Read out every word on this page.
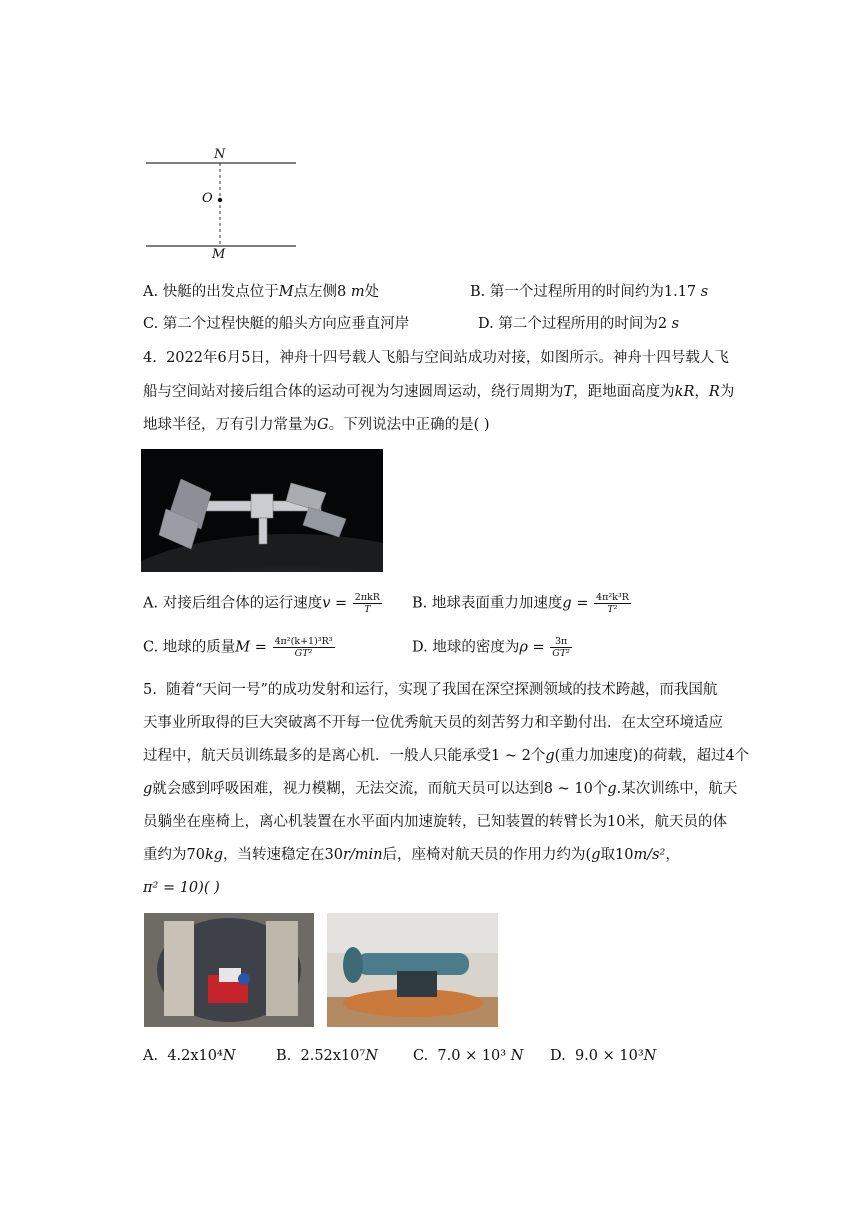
N
O
M
A. 快艇的出发点位于M点左侧8 m处	B. 第一个过程所用的时间约为1.17 s
C. 第二个过程快艇的船头方向应垂直河岸	D. 第二个过程所用的时间为2 s
4. 2022年6月5日，神舟十四号载人飞船与空间站成功对接，如图所示。神舟十四号载人飞
船与空间站对接后组合体的运动可视为匀速圆周运动，绕行周期为T，距地面高度为kR，R为
地球半径，万有引力常量为G。下列说法中正确的是( )
A. 对接后组合体的运行速度$v = \frac{\text{2πkR}}{T} B$. 地球表面重力加速度$g = \frac{\text{4π²k³R}}{\text{T²}}$
C. 地球的质量$M = \frac{\text{4π²(k+1)³R³}}{\text{GT²}}$	D. 地球的密度为$\rho = \frac{3\pi}{\text{GT²}}$
5. 随着“天问一号”的成功发射和运行，实现了我国在深空探测领域的技术跨越，而我国航
天事业所取得的巨大突破离不开每一位优秀航天员的刻苦努力和辛勤付出．在太空环境适应
过程中，航天员训练最多的是离心机．一般人只能承受1 ~ 2个g(重力加速度)的荷载，超过4个
g就会感到呼吸困难，视力模糊，无法交流，而航天员可以达到8 ~ 10个g.某次训练中，航天
员躺坐在座椅上，离心机装置在水平面内加速旋转，已知装置的转臂长为10米，航天员的体
重约为70kg，当转速稳定在30r/min后，座椅对航天员的作用力约为(g取10m/s²，
π² = 10)( )
A. 4.2x10⁴N	B. 2.52x10⁷N C. 7.0 × 10³ N D. 9.0 × 10³N
